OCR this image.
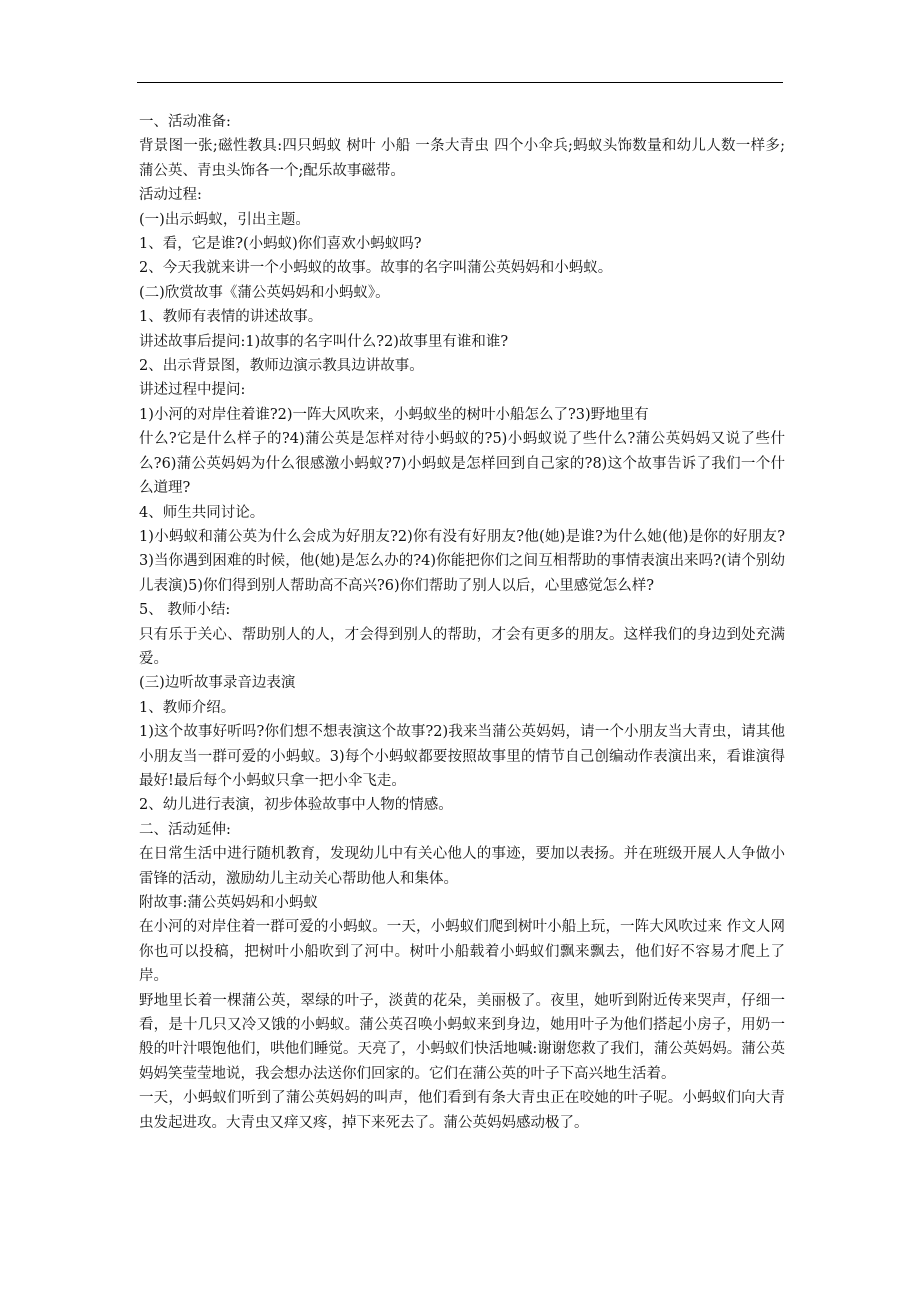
一、活动准备:

背景图一张;磁性教具:四只蚂蚁 树叶 小船 一条大青虫 四个小伞兵;蚂蚁头饰数量和幼儿人数一样多;蒲公英、青虫头饰各一个;配乐故事磁带。

活动过程:

(一)出示蚂蚁，引出主题。

1、看，它是谁?(小蚂蚁)你们喜欢小蚂蚁吗?

2、今天我就来讲一个小蚂蚁的故事。故事的名字叫蒲公英妈妈和小蚂蚁。

(二)欣赏故事《蒲公英妈妈和小蚂蚁》。

1、教师有表情的讲述故事。

讲述故事后提问:1)故事的名字叫什么?2)故事里有谁和谁?

2、出示背景图，教师边演示教具边讲故事。

讲述过程中提问:

1)小河的对岸住着谁?2)一阵大风吹来，小蚂蚁坐的树叶小船怎么了?3)野地里有

什么?它是什么样子的?4)蒲公英是怎样对待小蚂蚁的?5)小蚂蚁说了些什么?蒲公英妈妈又说了些什么?6)蒲公英妈妈为什么很感激小蚂蚁?7)小蚂蚁是怎样回到自己家的?8)这个故事告诉了我们一个什么道理?

4、师生共同讨论。

1)小蚂蚁和蒲公英为什么会成为好朋友?2)你有没有好朋友?他(她)是谁?为什么她(他)是你的好朋友?3)当你遇到困难的时候，他(她)是怎么办的?4)你能把你们之间互相帮助的事情表演出来吗?(请个别幼儿表演)5)你们得到别人帮助高不高兴?6)你们帮助了别人以后，心里感觉怎么样?

5、 教师小结:

只有乐于关心、帮助别人的人，才会得到别人的帮助，才会有更多的朋友。这样我们的身边到处充满爱。

(三)边听故事录音边表演

1、教师介绍。

1)这个故事好听吗?你们想不想表演这个故事?2)我来当蒲公英妈妈，请一个小朋友当大青虫，请其他小朋友当一群可爱的小蚂蚁。3)每个小蚂蚁都要按照故事里的情节自己创编动作表演出来，看谁演得最好!最后每个小蚂蚁只拿一把小伞飞走。

2、幼儿进行表演，初步体验故事中人物的情感。

二、活动延伸:

在日常生活中进行随机教育，发现幼儿中有关心他人的事迹，要加以表扬。并在班级开展人人争做小雷锋的活动，激励幼儿主动关心帮助他人和集体。

附故事:蒲公英妈妈和小蚂蚁

在小河的对岸住着一群可爱的小蚂蚁。一天，小蚂蚁们爬到树叶小船上玩，一阵大风吹过来 作文人网 你也可以投稿，把树叶小船吹到了河中。树叶小船载着小蚂蚁们飘来飘去，他们好不容易才爬上了岸。

野地里长着一棵蒲公英，翠绿的叶子，淡黄的花朵，美丽极了。夜里，她听到附近传来哭声，仔细一看，是十几只又冷又饿的小蚂蚁。蒲公英召唤小蚂蚁来到身边，她用叶子为他们搭起小房子，用奶一般的叶汁喂饱他们，哄他们睡觉。天亮了，小蚂蚁们快活地喊:谢谢您救了我们，蒲公英妈妈。蒲公英妈妈笑莹莹地说，我会想办法送你们回家的。它们在蒲公英的叶子下高兴地生活着。

一天，小蚂蚁们听到了蒲公英妈妈的叫声，他们看到有条大青虫正在咬她的叶子呢。小蚂蚁们向大青虫发起进攻。大青虫又痒又疼，掉下来死去了。蒲公英妈妈感动极了。
